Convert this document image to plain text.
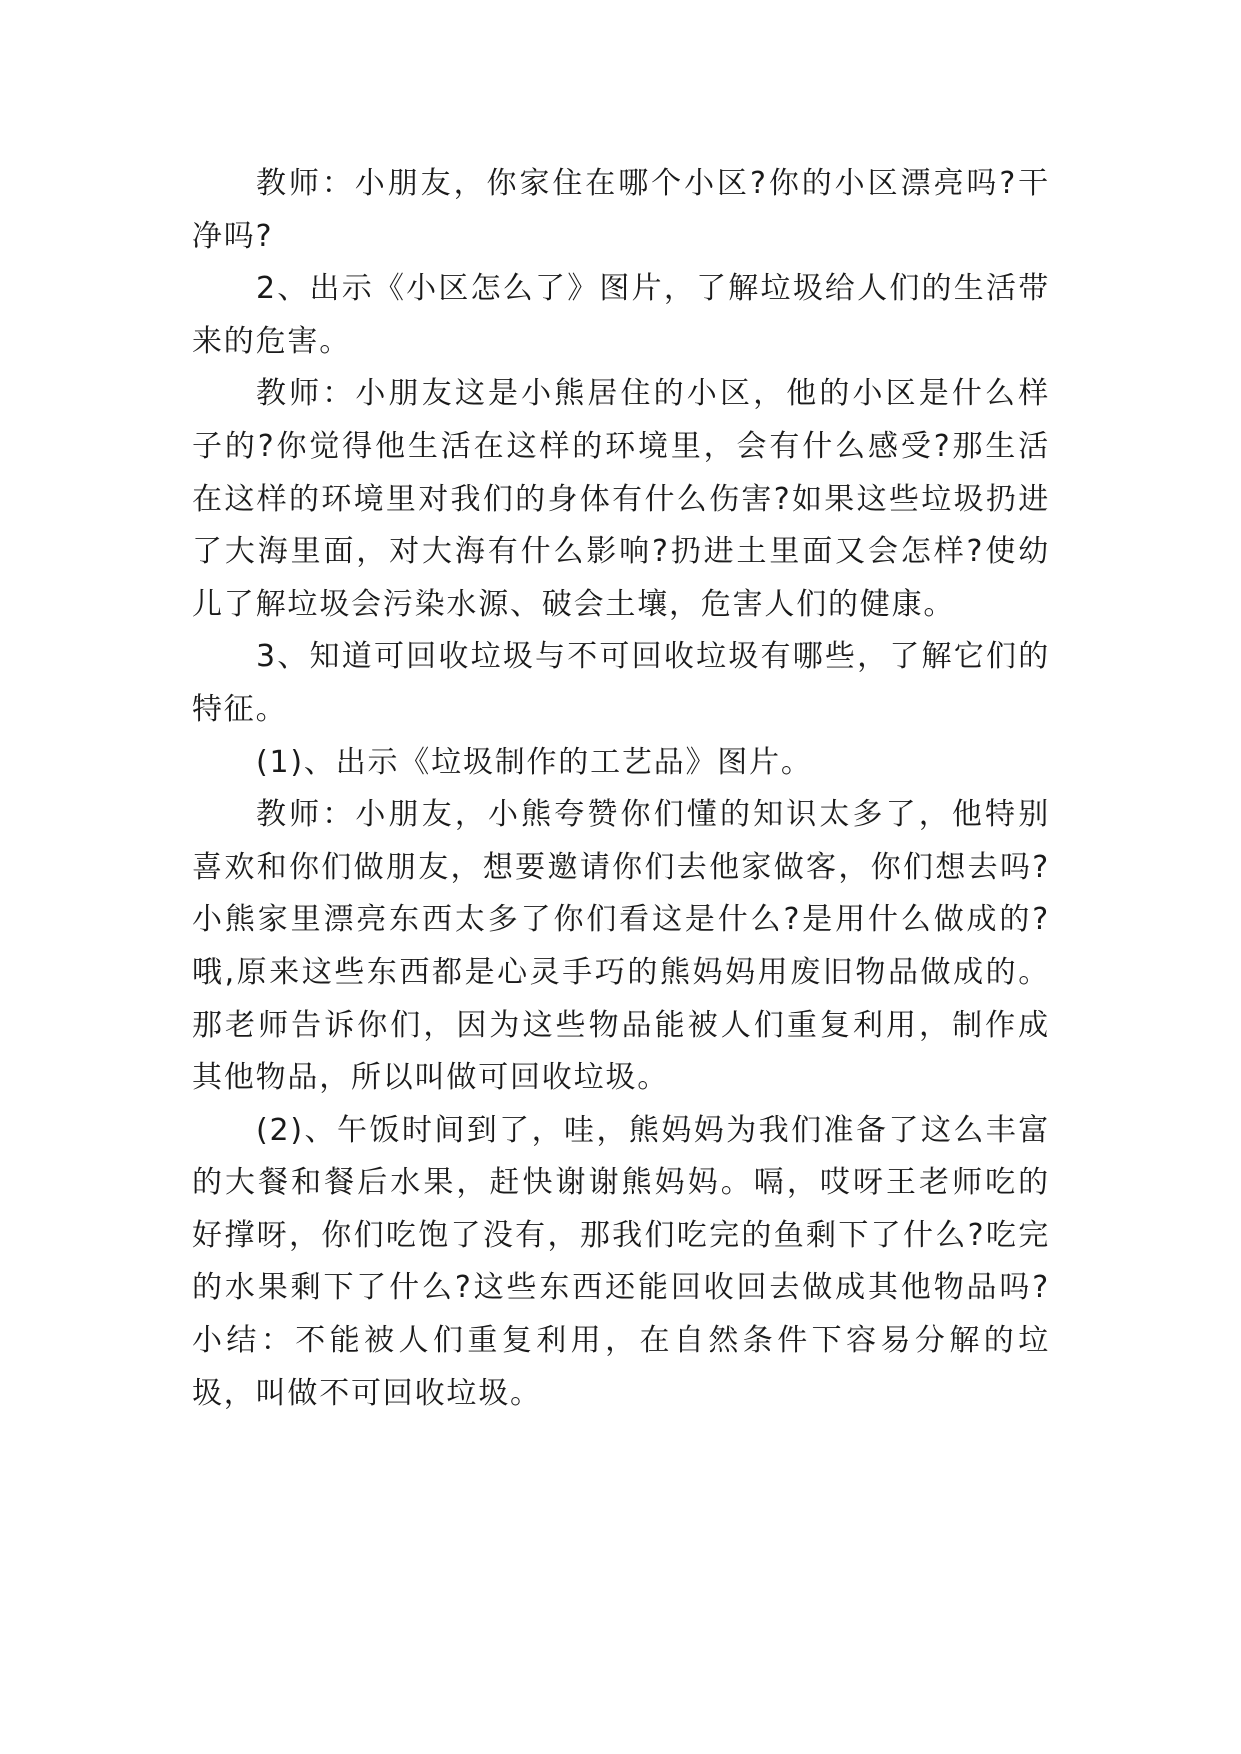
教师：小朋友，你家住在哪个小区?你的小区漂亮吗?干净吗?

2、出示《小区怎么了》图片，了解垃圾给人们的生活带来的危害。

教师：小朋友这是小熊居住的小区，他的小区是什么样子的?你觉得他生活在这样的环境里，会有什么感受?那生活在这样的环境里对我们的身体有什么伤害?如果这些垃圾扔进了大海里面，对大海有什么影响?扔进土里面又会怎样?使幼儿了解垃圾会污染水源、破会土壤，危害人们的健康。

3、知道可回收垃圾与不可回收垃圾有哪些，了解它们的特征。

(1)、出示《垃圾制作的工艺品》图片。

教师：小朋友，小熊夸赞你们懂的知识太多了，他特别喜欢和你们做朋友，想要邀请你们去他家做客，你们想去吗?小熊家里漂亮东西太多了你们看这是什么?是用什么做成的?哦,原来这些东西都是心灵手巧的熊妈妈用废旧物品做成的。那老师告诉你们，因为这些物品能被人们重复利用，制作成其他物品，所以叫做可回收垃圾。

(2)、午饭时间到了，哇，熊妈妈为我们准备了这么丰富的大餐和餐后水果，赶快谢谢熊妈妈。嗝，哎呀王老师吃的好撑呀，你们吃饱了没有，那我们吃完的鱼剩下了什么?吃完的水果剩下了什么?这些东西还能回收回去做成其他物品吗?小结：不能被人们重复利用，在自然条件下容易分解的垃圾，叫做不可回收垃圾。
